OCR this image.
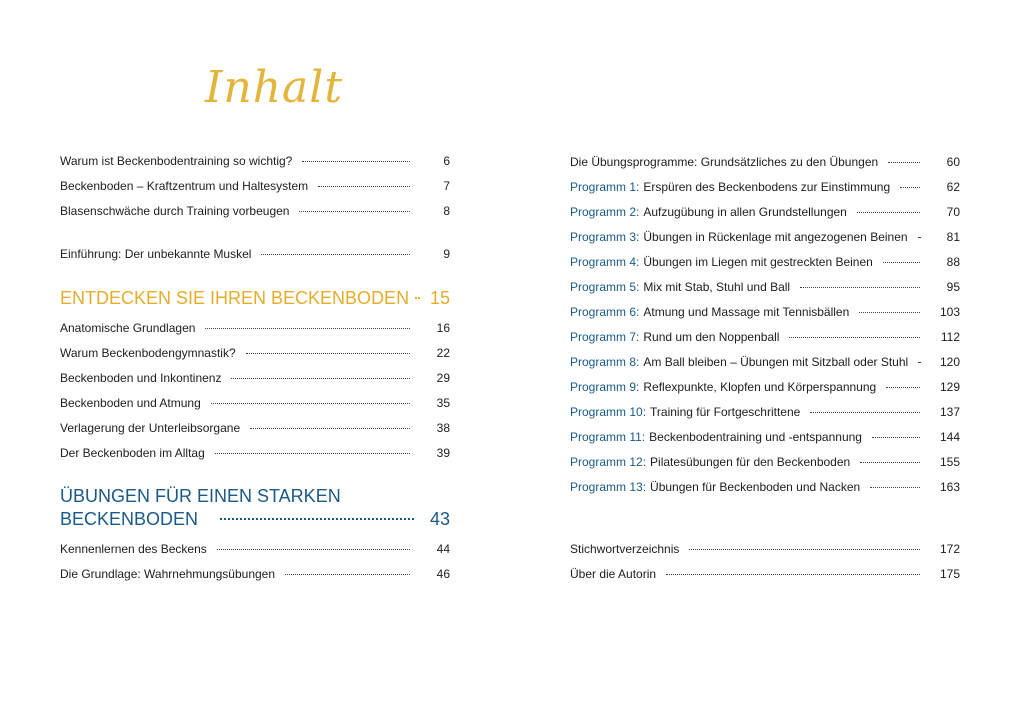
Inhalt
Warum ist Beckenbodentraining so wichtig?	6
Beckenboden – Kraftzentrum und Haltesystem	7
Blasenschwäche durch Training vorbeugen	8
Einführung: Der unbekannte Muskel	9
ENTDECKEN SIE IHREN BECKENBODEN 15
Anatomische Grundlagen	16
Warum Beckenbodengymnastik?	22
Beckenboden und Inkontinenz	29
Beckenboden und Atmung	35
Verlagerung der Unterleibsorgane	38
Der Beckenboden im Alltag	39
ÜBUNGEN FÜR EINEN STARKEN
BECKENBODEN	43
Kennenlernen des Beckens	44
Die Grundlage: Wahrnehmungsübungen	46
Die Übungsprogramme: Grundsätzliches zu den Übungen	60
Programm 1: Erspüren des Beckenbodens zur Einstimmung	62
Programm 2: Aufzugübung in allen Grundstellungen	70
Programm 3: Übungen in Rückenlage mit angezogenen Beinen	81
Programm 4: Übungen im Liegen mit gestreckten Beinen	88
Programm 5: Mix mit Stab, Stuhl und Ball	95
Programm 6: Atmung und Massage mit Tennisbällen	103
Programm 7: Rund um den Noppenball	112
Programm 8: Am Ball bleiben – Übungen mit Sitzball oder Stuhl	120
Programm 9: Reflexpunkte, Klopfen und Körperspannung	129
Programm 10: Training für Fortgeschrittene	137
Programm 11: Beckenbodentraining und -entspannung	144
Programm 12: Pilatesübungen für den Beckenboden	155
Programm 13: Übungen für Beckenboden und Nacken	163
Stichwortverzeichnis	172
Über die Autorin	175
